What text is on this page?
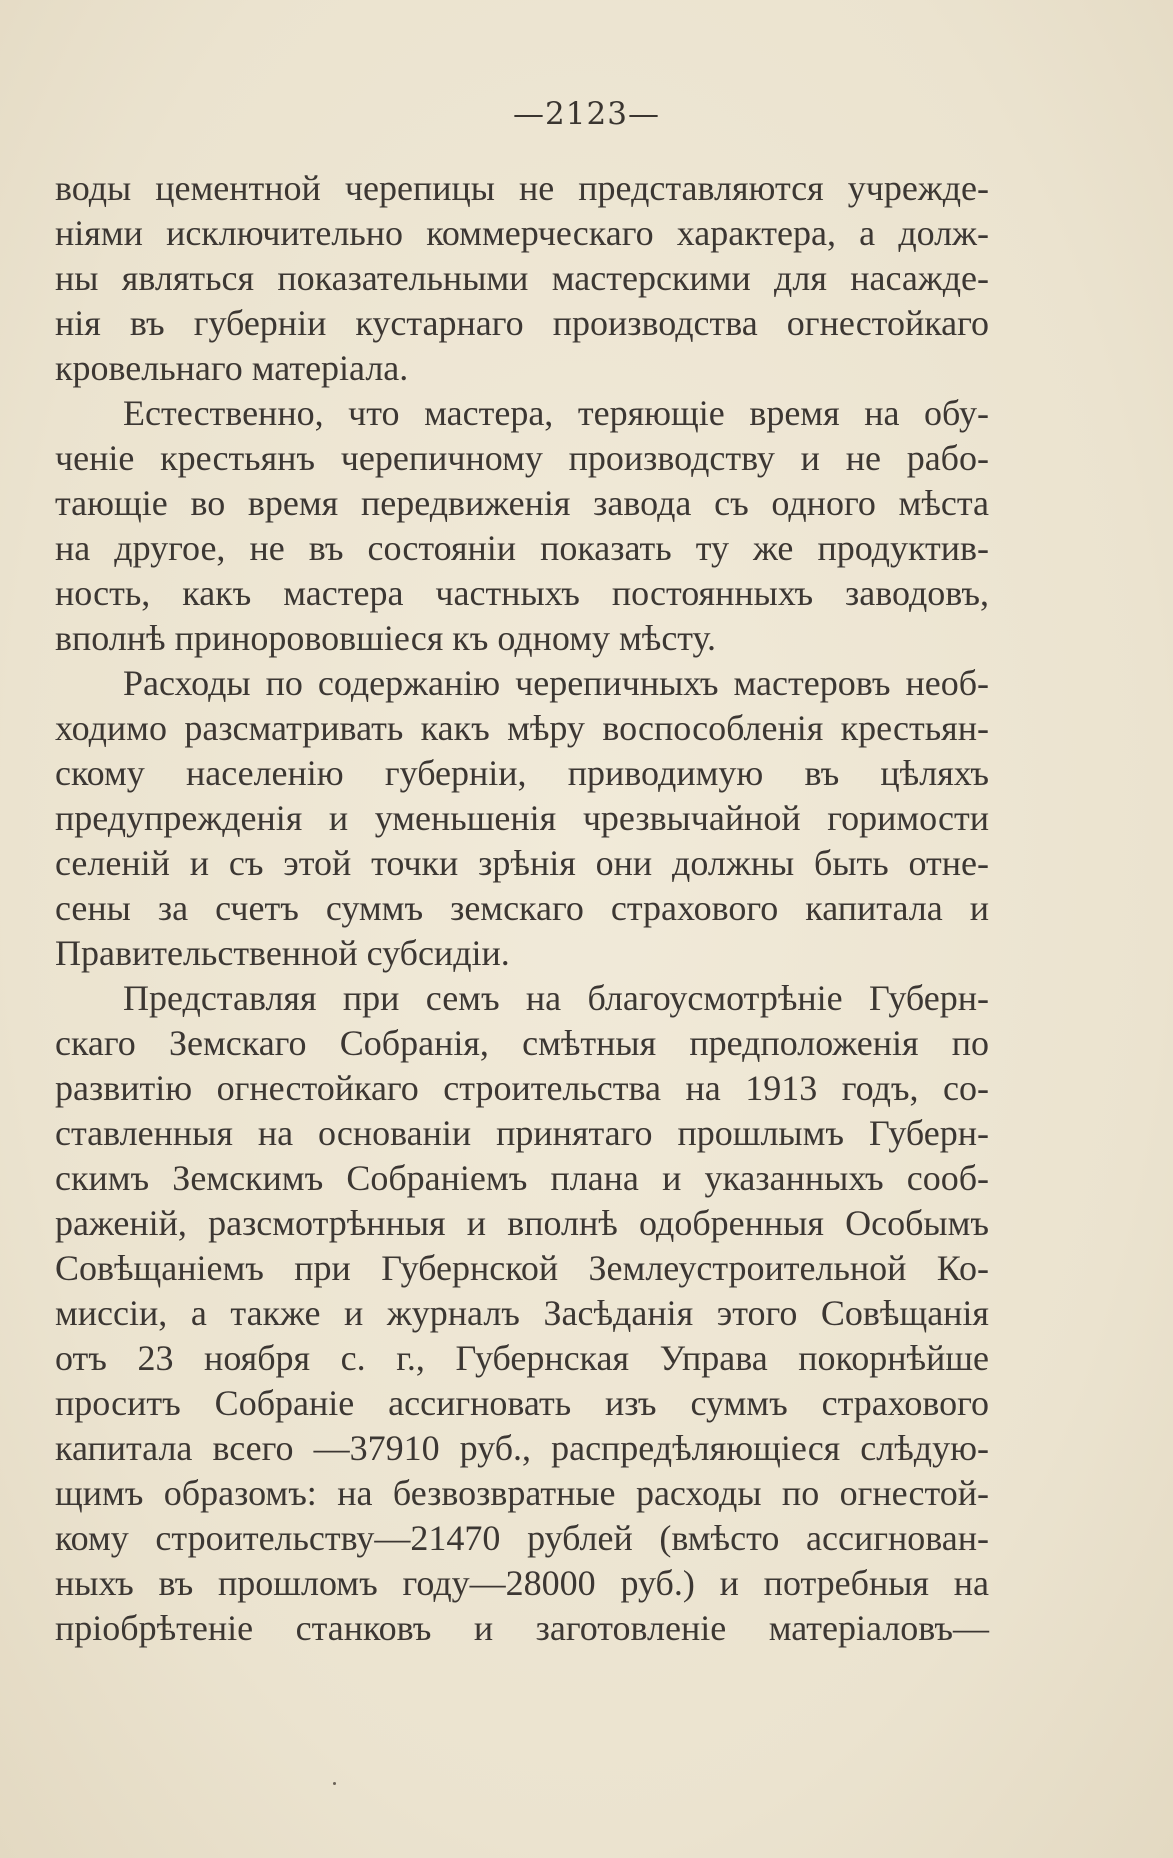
—2123—
воды цементной черепицы не представляются учрежде-
ніями исключительно коммерческаго характера, а долж-
ны являться показательными мастерскими для насажде-
нія въ губерніи кустарнаго производства огнестойкаго
кровельнаго матеріала.
Естественно, что мастера, теряющіе время на обу-
ченіе крестьянъ черепичному производству и не рабо-
тающіе во время передвиженія завода съ одного мѣста
на другое, не въ состояніи показать ту же продуктив-
ность, какъ мастера частныхъ постоянныхъ заводовъ,
вполнѣ принорововшіеся къ одному мѣсту.
Расходы по содержанію черепичныхъ мастеровъ необ-
ходимо разсматривать какъ мѣру воспособленія крестьян-
скому населенію губерніи, приводимую въ цѣляхъ
предупрежденія и уменьшенія чрезвычайной горимости
селеній и съ этой точки зрѣнія они должны быть отне-
сены за счетъ суммъ земскаго страхового капитала и
Правительственной субсидіи.
Представляя при семъ на благоусмотрѣніе Губерн-
скаго Земскаго Собранія, смѣтныя предположенія по
развитію огнестойкаго строительства на 1913 годъ, со-
ставленныя на основаніи принятаго прошлымъ Губерн-
скимъ Земскимъ Собраніемъ плана и указанныхъ сооб-
раженій, разсмотрѣнныя и вполнѣ одобренныя Особымъ
Совѣщаніемъ при Губернской Землеустроительной Ко-
миссіи, а также и журналъ Засѣданія этого Совѣщанія
отъ 23 ноября с. г., Губернская Управа покорнѣйше
проситъ Собраніе ассигновать изъ суммъ страхового
капитала всего —37910 руб., распредѣляющіеся слѣдую-
щимъ образомъ: на безвозвратные расходы по огнестой-
кому строительству—21470 рублей (вмѣсто ассигнован-
ныхъ въ прошломъ году—28000 руб.) и потребныя на
пріобрѣтеніе станковъ и заготовленіе матеріаловъ—
